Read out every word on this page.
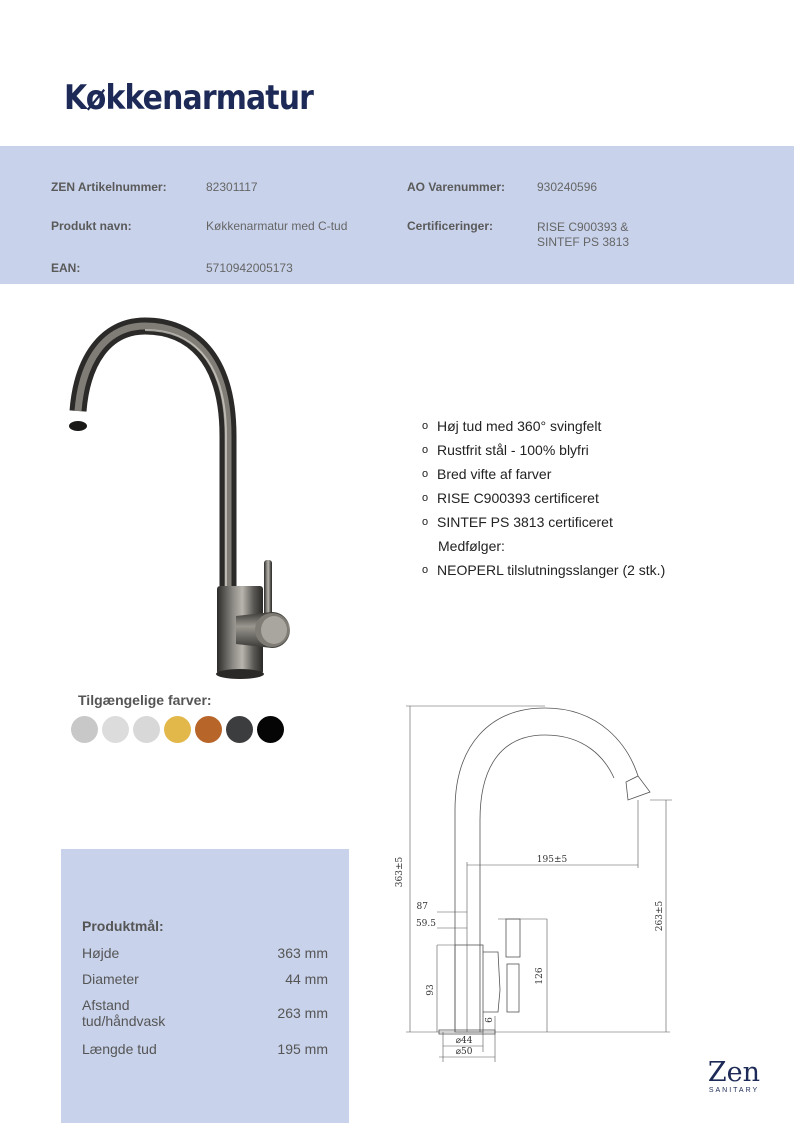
Køkkenarmatur
ZEN Artikelnummer:	82301117	AO Varenummer:	930240596
Produkt navn:	Køkkenarmatur med C-tud	Certificeringer:	RISE C900393 &
SINTEF PS 3813
EAN:	5710942005173
o Høj tud med 360° svingfelt
o Rustfrit stål - 100% blyfri
o Bred vifte af farver
o RISE C900393 certificeret
o SINTEF PS 3813 certificeret
Medfølger:
o NEOPERL tilslutningsslanger (2 stk.)

Tilgængelige farver:

363±5	195±5
263±5
87
59.5
93
126
6
⌀44
⌀50

Produktmål:

Højde	363 mm
Diameter	44 mm
Afstand
tud/håndvask	263 mm
Længde tud	195 mm
Zen
SANITARY
